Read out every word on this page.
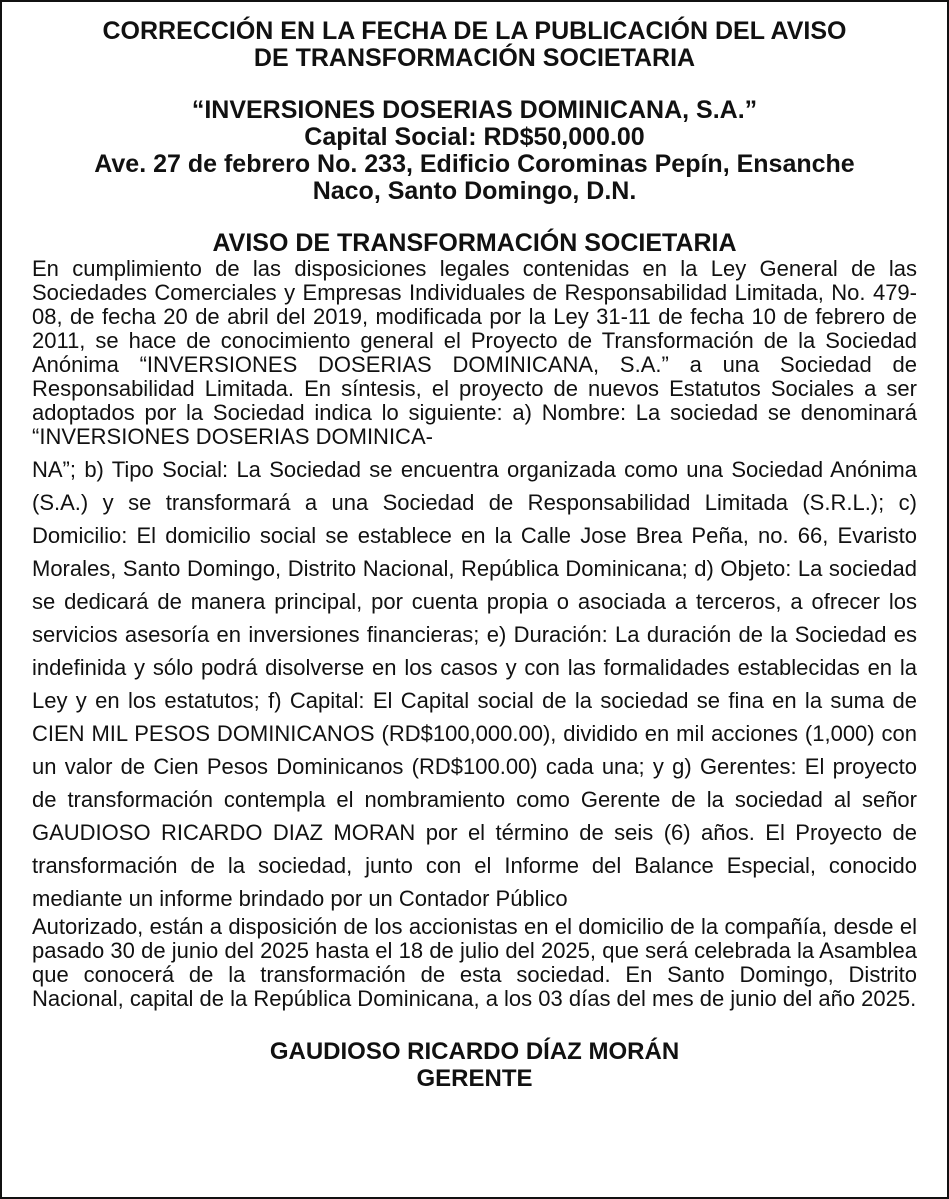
CORRECCIÓN EN LA FECHA DE LA PUBLICACIÓN DEL AVISO

DE TRANSFORMACIÓN SOCIETARIA

“INVERSIONES DOSERIAS DOMINICANA, S.A.”

Capital Social: RD$50,000.00

Ave. 27 de febrero No. 233, Edificio Corominas Pepín, Ensanche

Naco, Santo Domingo, D.N.

AVISO DE TRANSFORMACIÓN SOCIETARIA

En cumplimiento de las disposiciones legales contenidas en la Ley General de las Sociedades Comerciales y Empresas Individuales de Responsabilidad Limitada, No. 479-08, de fecha 20 de abril del 2019, modificada por la Ley 31-11 de fecha 10 de febrero de 2011, se hace de conocimiento general el Proyecto de Transformación de la Sociedad Anónima “INVERSIONES DOSERIAS DOMINICANA, S.A.” a una Sociedad de Responsabilidad Limitada. En síntesis, el proyecto de nuevos Estatutos Sociales a ser adoptados por la Sociedad indica lo siguiente: a) Nombre: La sociedad se denominará “INVERSIONES DOSERIAS DOMINICA-

NA”; b) Tipo Social: La Sociedad se encuentra organizada como una Sociedad Anónima (S.A.) y se transformará a una Sociedad de Responsabilidad Limitada (S.R.L.); c) Domicilio: El domicilio social se establece en la Calle Jose Brea Peña, no. 66, Evaristo Morales, Santo Domingo, Distrito Nacional, República Dominicana; d) Objeto: La sociedad se dedicará de manera principal, por cuenta propia o asociada a terceros, a ofrecer los servicios asesoría en inversiones financieras; e) Duración: La duración de la Sociedad es indefinida y sólo podrá disolverse en los casos y con las formalidades establecidas en la Ley y en los estatutos; f) Capital: El Capital social de la sociedad se fina en la suma de CIEN MIL PESOS DOMINICANOS (RD$100,000.00), dividido en mil acciones (1,000) con un valor de Cien Pesos Dominicanos (RD$100.00) cada una; y g) Gerentes: El proyecto de transformación contempla el nombramiento como Gerente de la sociedad al señor GAUDIOSO RICARDO DIAZ MORAN por el término de seis (6) años. El Proyecto de transformación de la sociedad, junto con el Informe del Balance Especial, conocido mediante un informe brindado por un Contador Público

Autorizado, están a disposición de los accionistas en el domicilio de la compañía, desde el pasado 30 de junio del 2025 hasta el 18 de julio del 2025, que será celebrada la Asamblea que conocerá de la transformación de esta sociedad. En Santo Domingo, Distrito Nacional, capital de la República Dominicana, a los 03 días del mes de junio del año 2025.

GAUDIOSO RICARDO DÍAZ MORÁN

GERENTE
